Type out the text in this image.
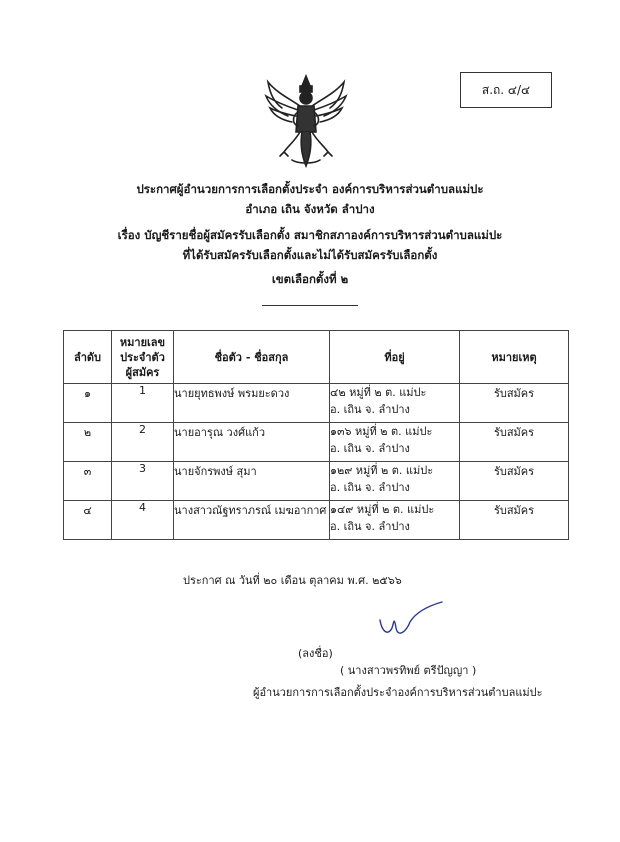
ส.ถ. ๔/๔
ประกาศผู้อำนวยการการเลือกตั้งประจำ องค์การบริหารส่วนตำบลแม่ปะ
อำเภอ เถิน จังหวัด ลำปาง
เรื่อง บัญชีรายชื่อผู้สมัครรับเลือกตั้ง สมาชิกสภาองค์การบริหารส่วนตำบลแม่ปะ
ที่ได้รับสมัครรับเลือกตั้งและไม่ได้รับสมัครรับเลือกตั้ง
เขตเลือกตั้งที่ ๒
ลำดับ	หมายเลข
ประจำตัว
ผู้สมัคร	ชื่อตัว - ชื่อสกุล	ที่อยู่	หมายเหตุ
๑	1	นายยุทธพงษ์ พรมยะดวง	๔๒ หมู่ที่ ๒ ต. แม่ปะ
อ. เถิน จ. ลำปาง	รับสมัคร
๒	2	นายอารุณ วงศ์แก้ว	๑๓๖ หมู่ที่ ๒ ต. แม่ปะ
อ. เถิน จ. ลำปาง	รับสมัคร
๓	3	นายจักรพงษ์ สุมา	๑๒๙ หมู่ที่ ๒ ต. แม่ปะ
อ. เถิน จ. ลำปาง	รับสมัคร
๔	4	นางสาวณัฐทราภรณ์ เมฆอากาศ	๑๔๙ หมู่ที่ ๒ ต. แม่ปะ
อ. เถิน จ. ลำปาง	รับสมัคร
ประกาศ ณ วันที่ ๒๐ เดือน ตุลาคม พ.ศ. ๒๕๖๖
(ลงชื่อ)
( นางสาวพรทิพย์ ตรีปัญญา )
ผู้อำนวยการการเลือกตั้งประจำองค์การบริหารส่วนตำบลแม่ปะ
